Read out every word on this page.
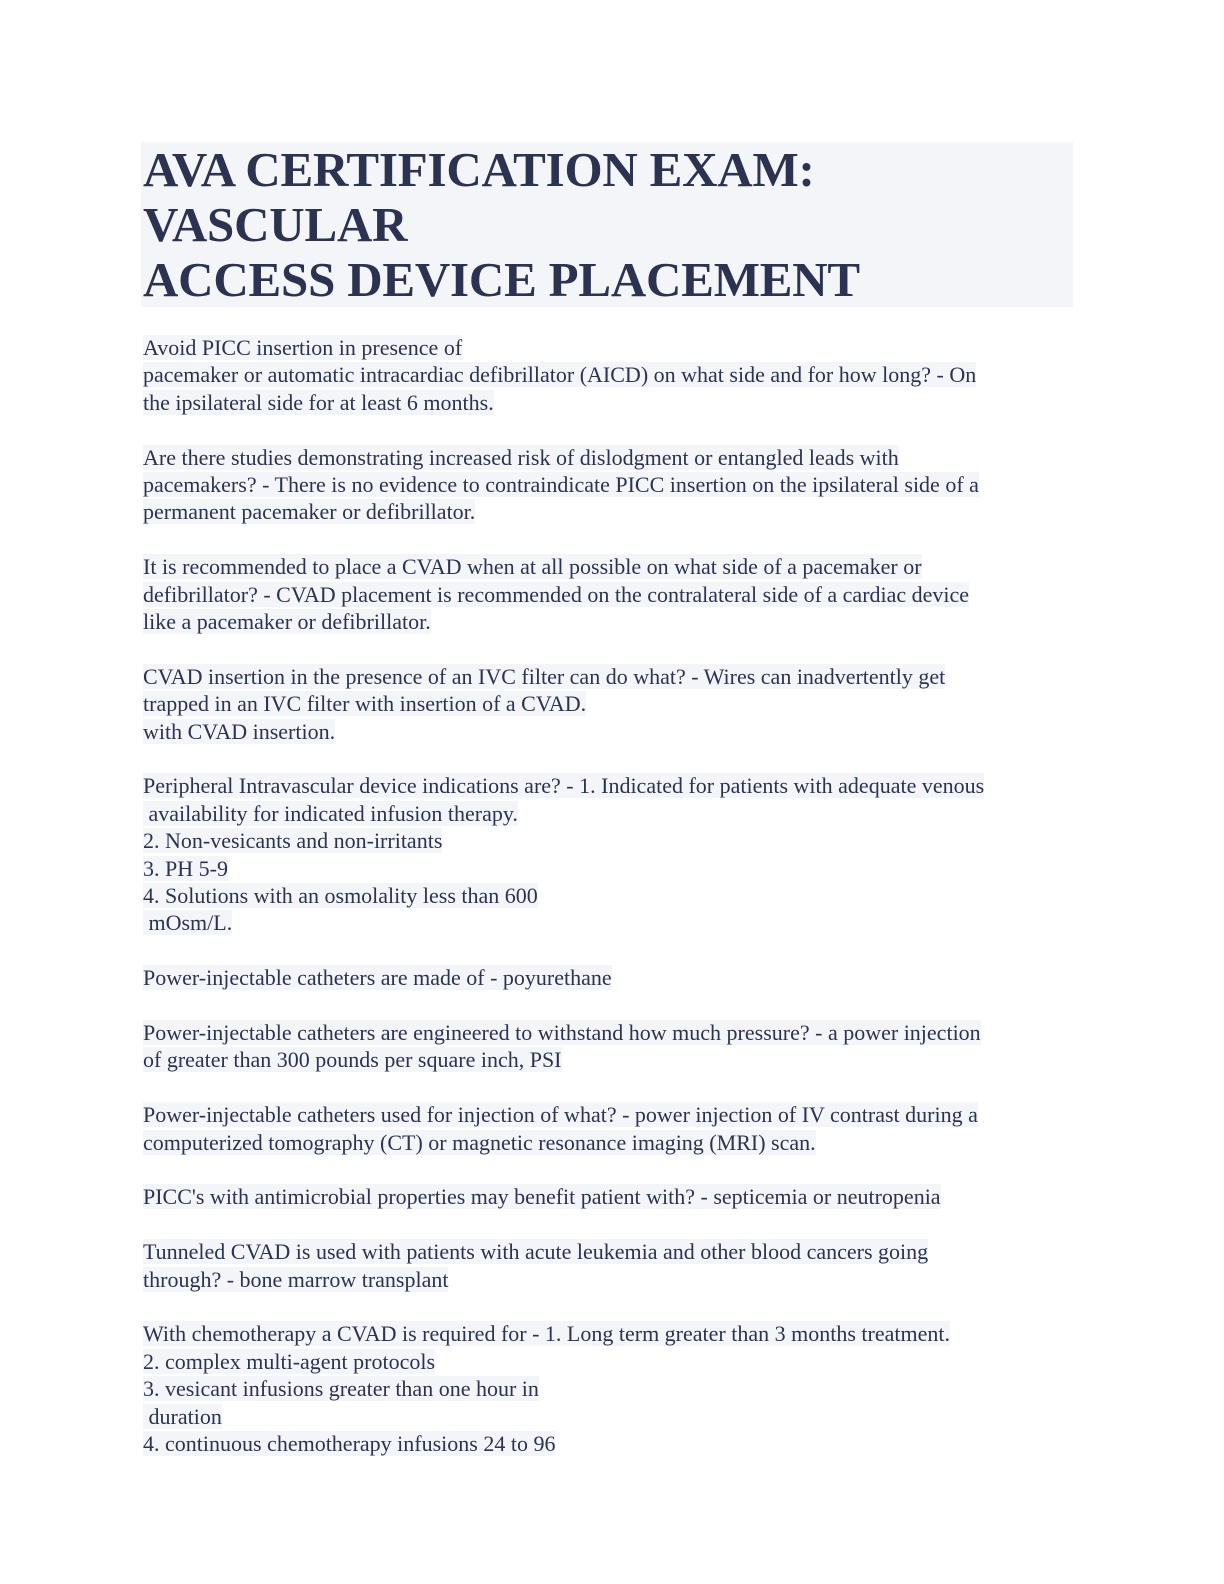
AVA CERTIFICATION EXAM: VASCULAR
ACCESS DEVICE PLACEMENT
Avoid PICC insertion in presence of
pacemaker or automatic intracardiac defibrillator (AICD) on what side and for how long? - On
the ipsilateral side for at least 6 months.
Are there studies demonstrating increased risk of dislodgment or entangled leads with
pacemakers? - There is no evidence to contraindicate PICC insertion on the ipsilateral side of a
permanent pacemaker or defibrillator.
It is recommended to place a CVAD when at all possible on what side of a pacemaker or
defibrillator? - CVAD placement is recommended on the contralateral side of a cardiac device
like a pacemaker or defibrillator.
CVAD insertion in the presence of an IVC filter can do what? - Wires can inadvertently get
trapped in an IVC filter with insertion of a CVAD.
with CVAD insertion.
Peripheral Intravascular device indications are? - 1. Indicated for patients with adequate venous
availability for indicated infusion therapy.
2. Non-vesicants and non-irritants
3. PH 5-9
4. Solutions with an osmolality less than 600
mOsm/L.
Power-injectable catheters are made of - poyurethane
Power-injectable catheters are engineered to withstand how much pressure? - a power injection
of greater than 300 pounds per square inch, PSI
Power-injectable catheters used for injection of what? - power injection of IV contrast during a
computerized tomography (CT) or magnetic resonance imaging (MRI) scan.
PICC's with antimicrobial properties may benefit patient with? - septicemia or neutropenia
Tunneled CVAD is used with patients with acute leukemia and other blood cancers going
through? - bone marrow transplant
With chemotherapy a CVAD is required for - 1. Long term greater than 3 months treatment.
2. complex multi-agent protocols
3. vesicant infusions greater than one hour in
duration
4. continuous chemotherapy infusions 24 to 96
